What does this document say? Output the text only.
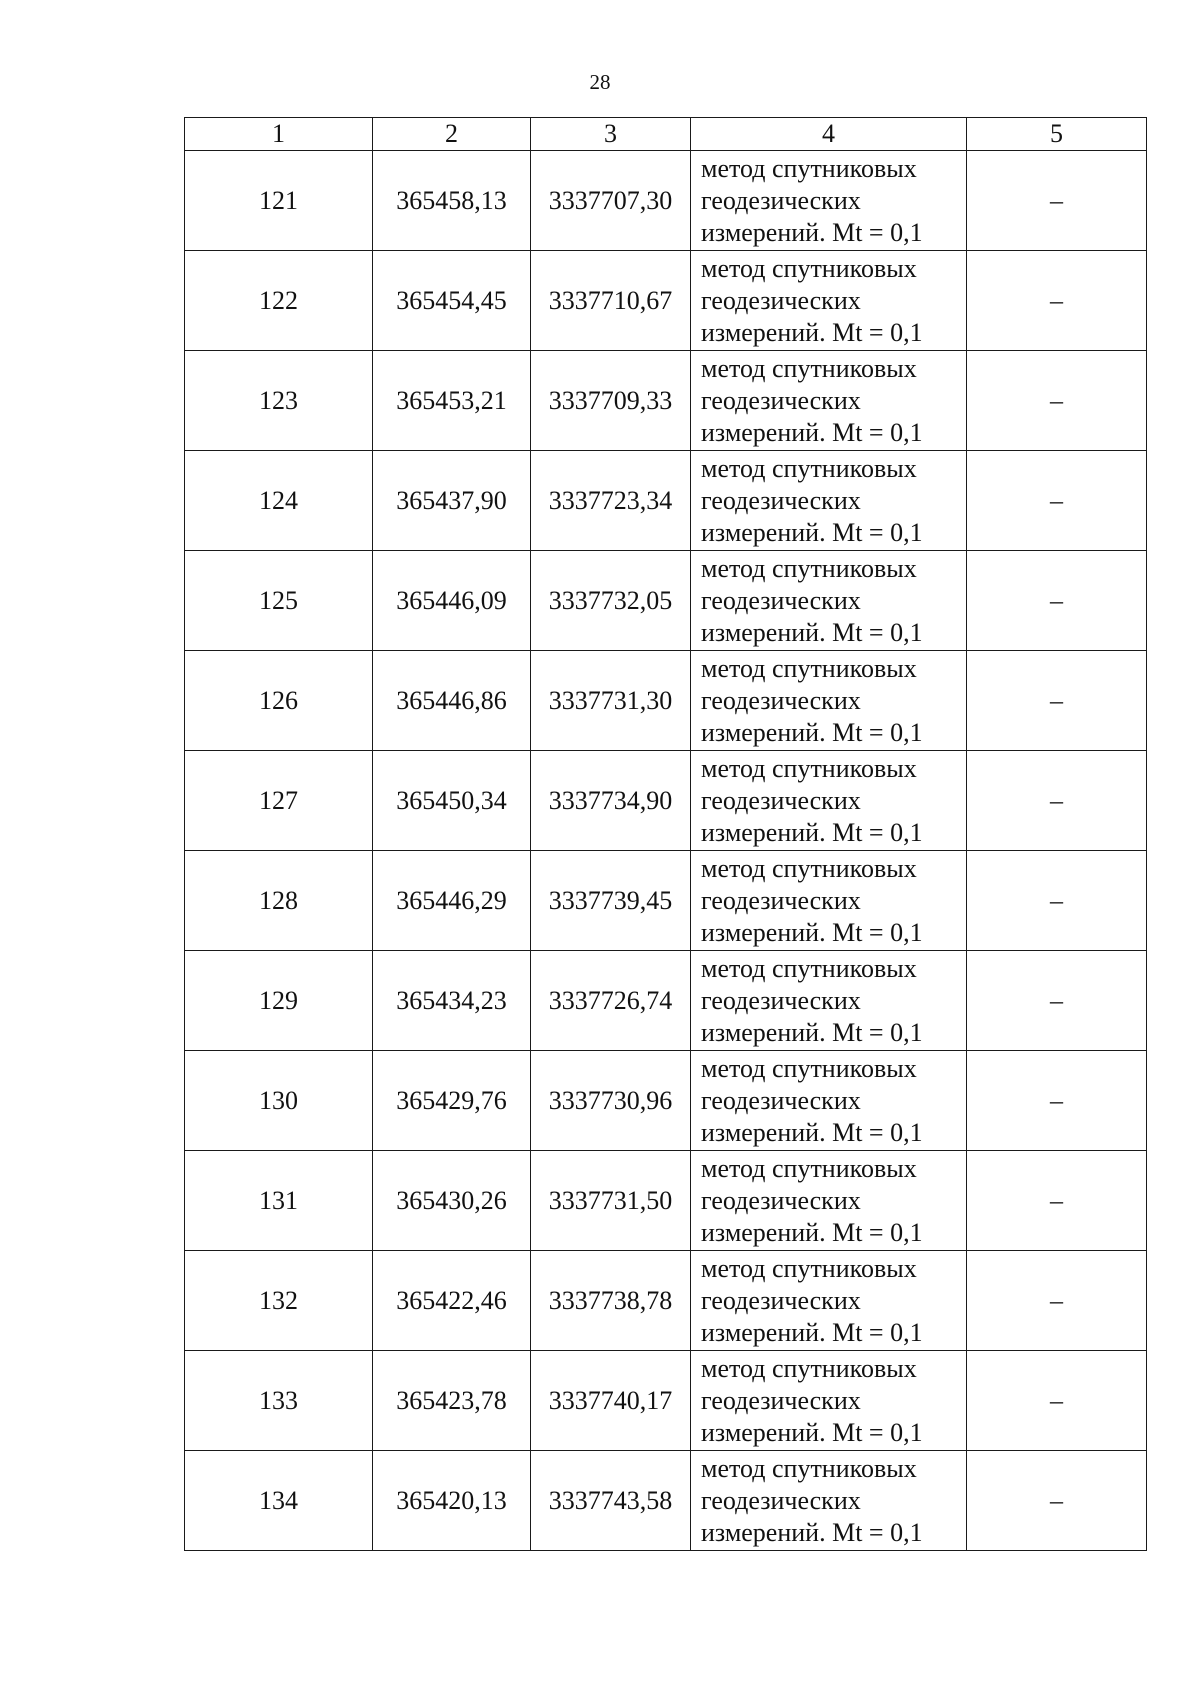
28
1	2	3	4	5
121	365458,13	3337707,30	метод спутниковых
геодезических
измерений. Mt = 0,1	–
122	365454,45	3337710,67	метод спутниковых
геодезических
измерений. Mt = 0,1	–
123	365453,21	3337709,33	метод спутниковых
геодезических
измерений. Mt = 0,1	–
124	365437,90	3337723,34	метод спутниковых
геодезических
измерений. Mt = 0,1	–
125	365446,09	3337732,05	метод спутниковых
геодезических
измерений. Mt = 0,1	–
126	365446,86	3337731,30	метод спутниковых
геодезических
измерений. Mt = 0,1	–
127	365450,34	3337734,90	метод спутниковых
геодезических
измерений. Mt = 0,1	–
128	365446,29	3337739,45	метод спутниковых
геодезических
измерений. Mt = 0,1	–
129	365434,23	3337726,74	метод спутниковых
геодезических
измерений. Mt = 0,1	–
130	365429,76	3337730,96	метод спутниковых
геодезических
измерений. Mt = 0,1	–
131	365430,26	3337731,50	метод спутниковых
геодезических
измерений. Mt = 0,1	–
132	365422,46	3337738,78	метод спутниковых
геодезических
измерений. Mt = 0,1	–
133	365423,78	3337740,17	метод спутниковых
геодезических
измерений. Mt = 0,1	–
134	365420,13	3337743,58	метод спутниковых
геодезических
измерений. Mt = 0,1	–
